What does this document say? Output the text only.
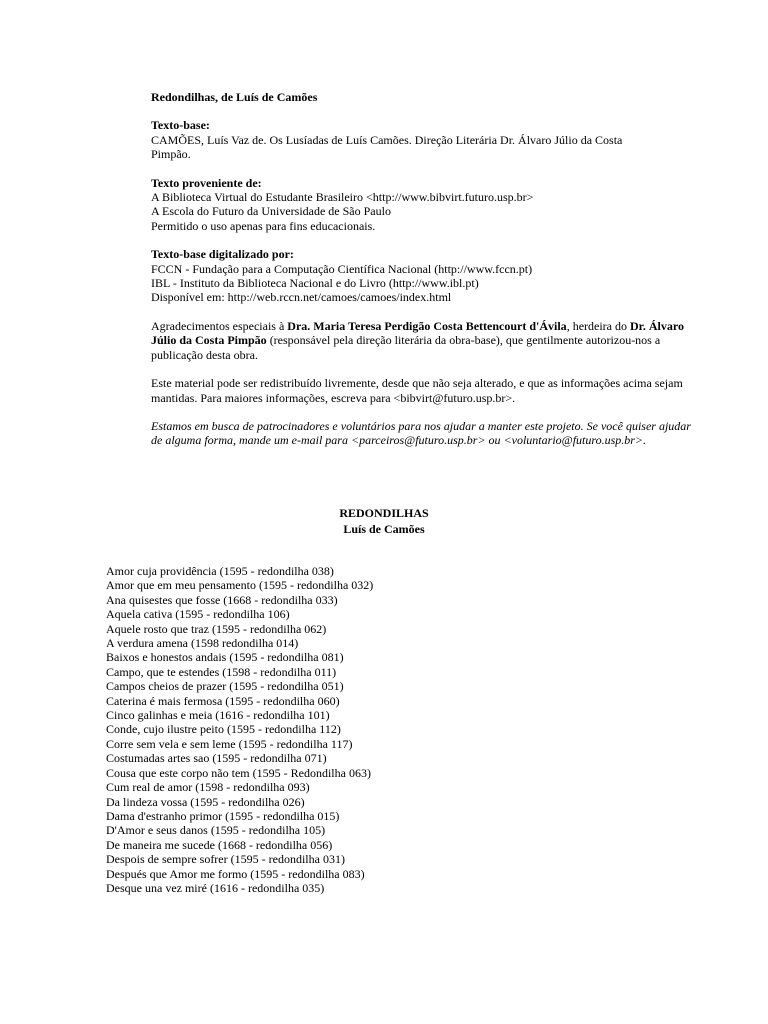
Redondilhas, de Luís de Camões

Texto-base:

CAMÕES, Luís Vaz de. Os Lusíadas de Luís Camões. Direção Literária Dr. Álvaro Júlio da Costa

Pimpão.

Texto proveniente de:

A Biblioteca Virtual do Estudante Brasileiro <http://www.bibvirt.futuro.usp.br>

A Escola do Futuro da Universidade de São Paulo

Permitido o uso apenas para fins educacionais.

Texto-base digitalizado por:

FCCN - Fundação para a Computação Científica Nacional (http://www.fccn.pt)

IBL - Instituto da Biblioteca Nacional e do Livro (http://www.ibl.pt)

Disponível em: http://web.rccn.net/camoes/camoes/index.html

Agradecimentos especiais à Dra. Maria Teresa Perdigão Costa Bettencourt d'Ávila, herdeira do Dr. Álvaro Júlio da Costa Pimpão (responsável pela direção literária da obra-base), que gentilmente autorizou-nos a publicação desta obra.

Este material pode ser redistribuído livremente, desde que não seja alterado, e que as informações acima sejam mantidas. Para maiores informações, escreva para <bibvirt@futuro.usp.br>.

Estamos em busca de patrocinadores e voluntários para nos ajudar a manter este projeto. Se você quiser ajudar de alguma forma, mande um e-mail para <parceiros@futuro.usp.br> ou <voluntario@futuro.usp.br>.

REDONDILHAS
Luís de Camões
Amor cuja providência (1595 - redondilha 038)
Amor que em meu pensamento (1595 - redondilha 032)
Ana quisestes que fosse (1668 - redondilha 033)
Aquela cativa (1595 - redondilha 106)
Aquele rosto que traz (1595 - redondilha 062)
A verdura amena (1598 redondilha 014)
Baixos e honestos andais (1595 - redondilha 081)
Campo, que te estendes (1598 - redondilha 011)
Campos cheios de prazer (1595 - redondilha 051)
Caterina é mais fermosa (1595 - redondilha 060)
Cinco galinhas e meia (1616 - redondilha 101)
Conde, cujo ilustre peito (1595 - redondilha 112)
Corre sem vela e sem leme (1595 - redondilha 117)
Costumadas artes sao (1595 - redondilha 071)
Cousa que este corpo não tem (1595 - Redondilha 063)
Cum real de amor (1598 - redondilha 093)
Da lindeza vossa (1595 - redondilha 026)
Dama d'estranho primor (1595 - redondilha 015)
D'Amor e seus danos (1595 - redondilha 105)
De maneira me sucede (1668 - redondilha 056)
Despois de sempre sofrer (1595 - redondilha 031)
Después que Amor me formo (1595 - redondilha 083)
Desque una vez miré (1616 - redondilha 035)
